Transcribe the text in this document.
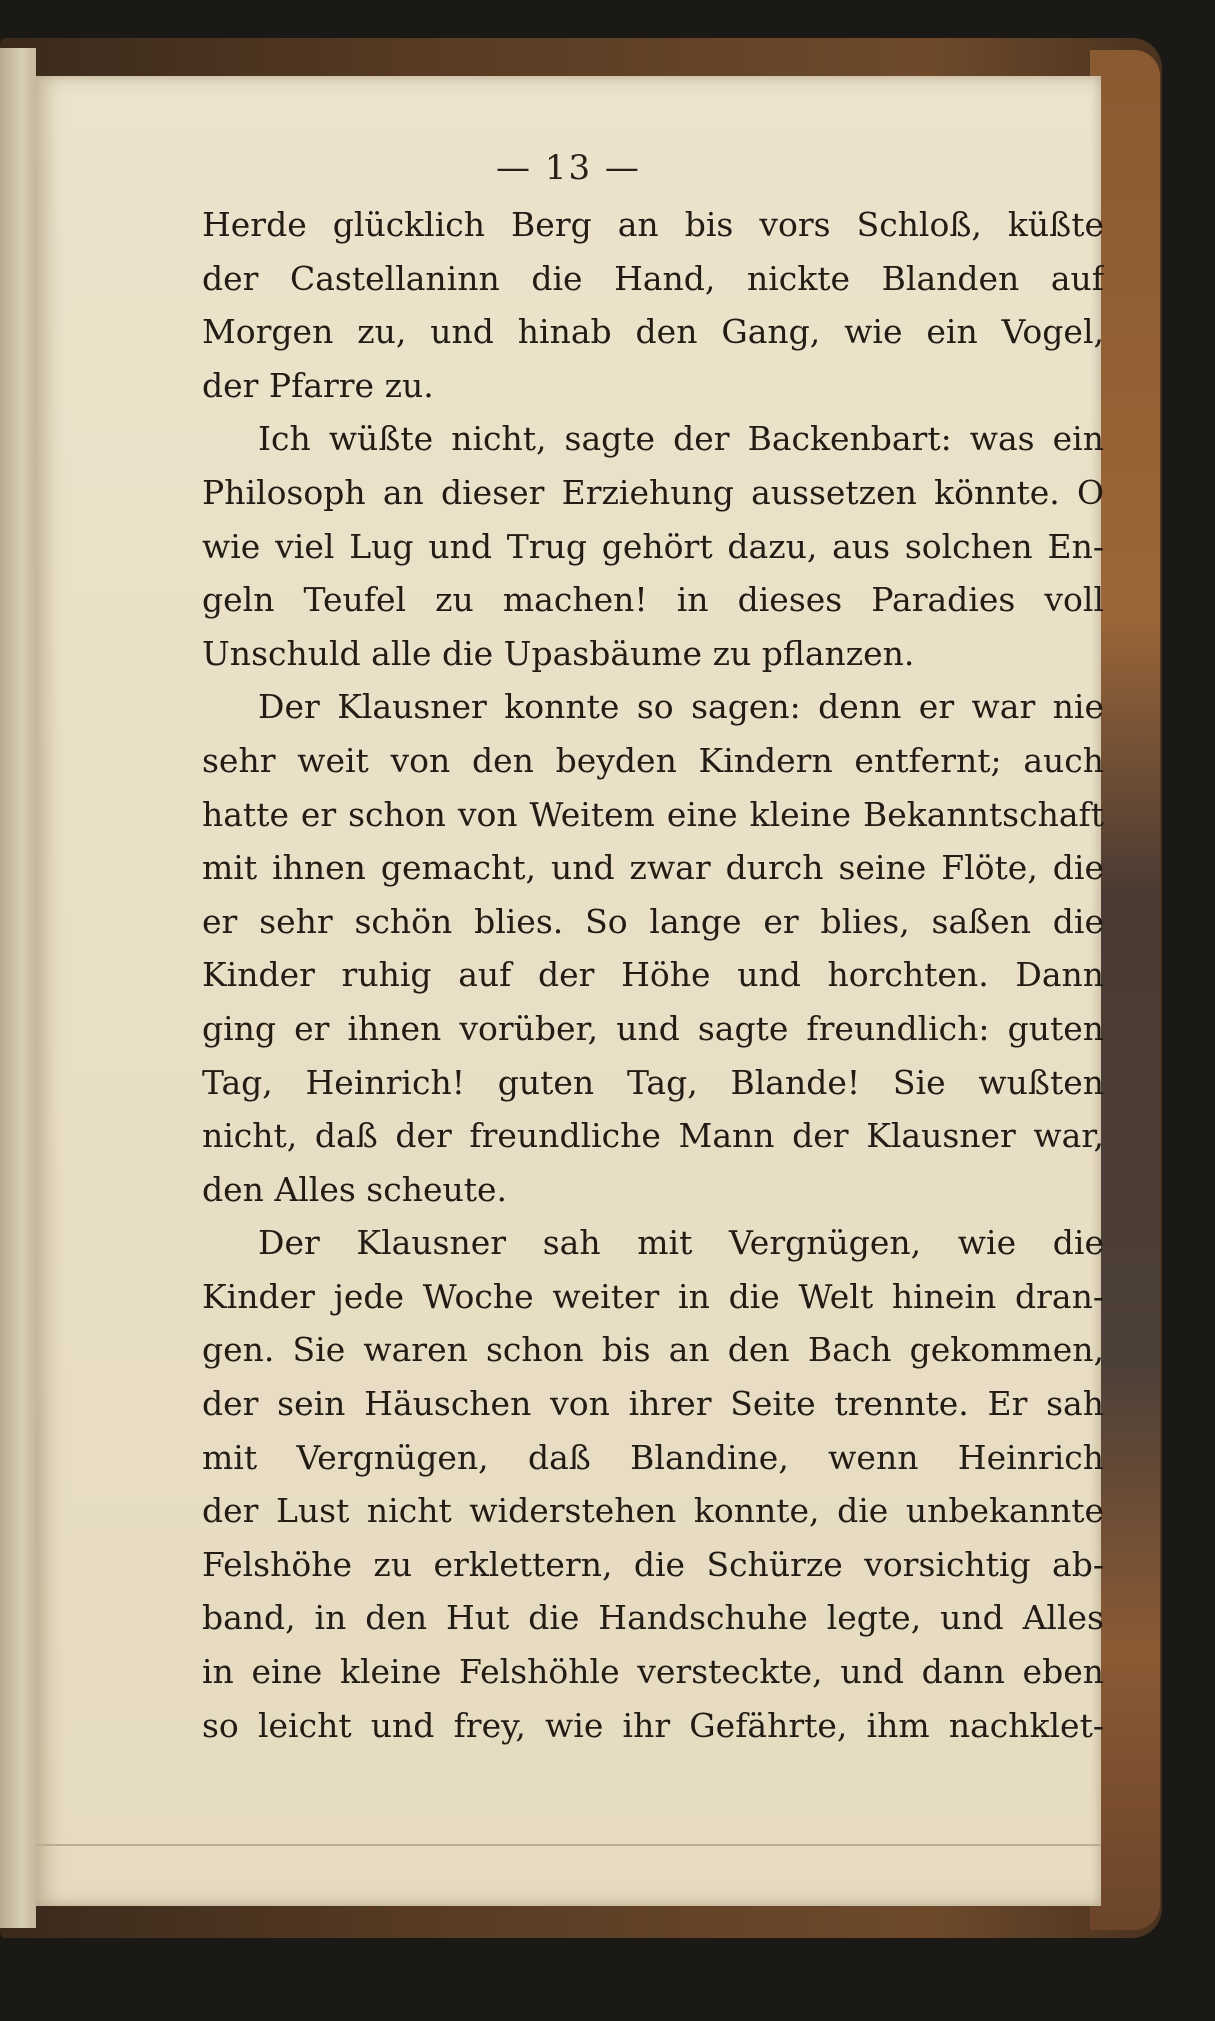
— 13 —
Herde glücklich Berg an bis vors Schloß, küßte
der Castellaninn die Hand, nickte Blanden auf
Morgen zu, und hinab den Gang, wie ein Vogel,
der Pfarre zu.
Ich wüßte nicht, sagte der Backenbart: was ein
Philosoph an dieser Erziehung aussetzen könnte. O
wie viel Lug und Trug gehört dazu, aus solchen En-
geln Teufel zu machen! in dieses Paradies voll
Unschuld alle die Upasbäume zu pflanzen.
Der Klausner konnte so sagen: denn er war nie
sehr weit von den beyden Kindern entfernt; auch
hatte er schon von Weitem eine kleine Bekanntschaft
mit ihnen gemacht, und zwar durch seine Flöte, die
er sehr schön blies. So lange er blies, saßen die
Kinder ruhig auf der Höhe und horchten. Dann
ging er ihnen vorüber, und sagte freundlich: guten
Tag, Heinrich! guten Tag, Blande! Sie wußten
nicht, daß der freundliche Mann der Klausner war,
den Alles scheute.
Der Klausner sah mit Vergnügen, wie die
Kinder jede Woche weiter in die Welt hinein dran-
gen. Sie waren schon bis an den Bach gekommen,
der sein Häuschen von ihrer Seite trennte. Er sah
mit Vergnügen, daß Blandine, wenn Heinrich
der Lust nicht widerstehen konnte, die unbekannte
Felshöhe zu erklettern, die Schürze vorsichtig ab-
band, in den Hut die Handschuhe legte, und Alles
in eine kleine Felshöhle versteckte, und dann eben
so leicht und frey, wie ihr Gefährte, ihm nachklet-
